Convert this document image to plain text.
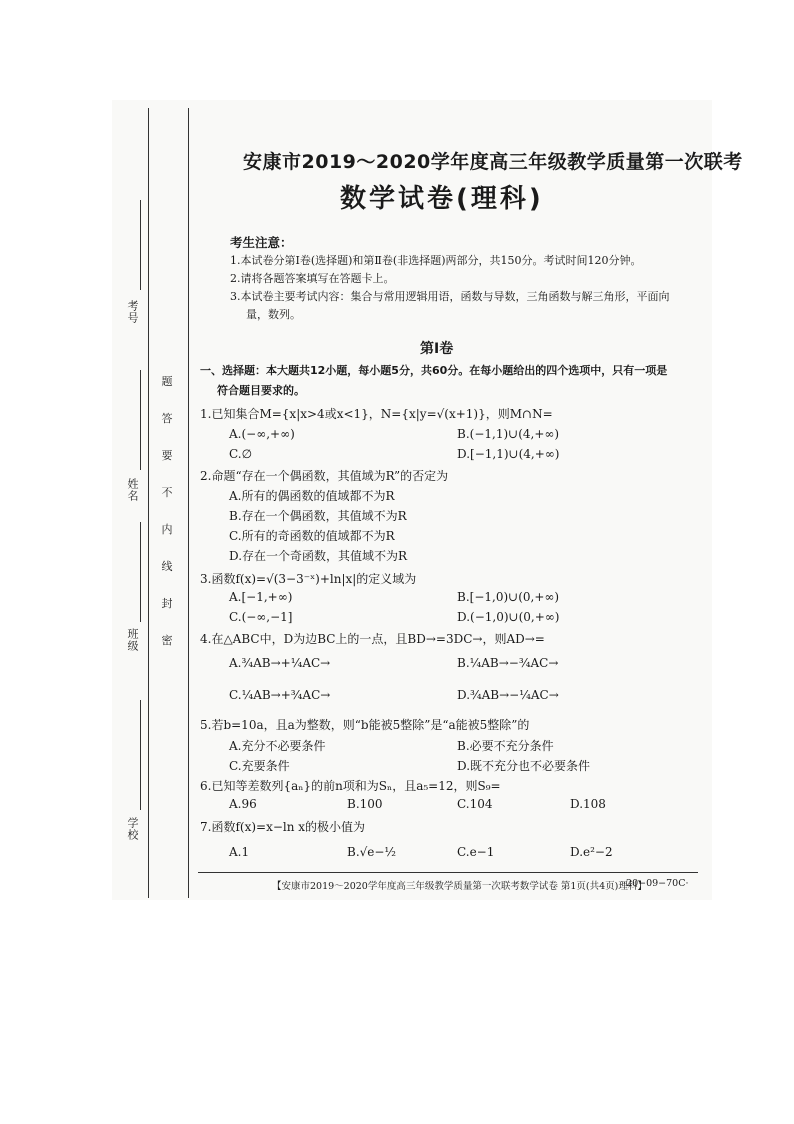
考号
姓名
班级
学校
密
封
线
内
不
要
答
题
安康市2019～2020学年度高三年级教学质量第一次联考
数学试卷(理科)
考生注意：
1.本试卷分第Ⅰ卷(选择题)和第Ⅱ卷(非选择题)两部分，共150分。考试时间120分钟。
2.请将各题答案填写在答题卡上。
3.本试卷主要考试内容：集合与常用逻辑用语，函数与导数，三角函数与解三角形，平面向
量，数列。
第Ⅰ卷
一、选择题：本大题共12小题，每小题5分，共60分。在每小题给出的四个选项中，只有一项是
符合题目要求的。
1.已知集合M={x|x>4或x<1}，N={x|y=√(x+1)}，则M∩N=
A.(−∞,+∞)	B.(−1,1)∪(4,+∞)
C.∅	D.[−1,1)∪(4,+∞)
2.命题“存在一个偶函数，其值域为R”的否定为
A.所有的偶函数的值域都不为R
B.存在一个偶函数，其值域不为R
C.所有的奇函数的值域都不为R
D.存在一个奇函数，其值域不为R
3.函数f(x)=√(3−3⁻ˣ)+ln|x|的定义域为
A.[−1,+∞)	B.[−1,0)∪(0,+∞)
C.(−∞,−1]	D.(−1,0)∪(0,+∞)
4.在△ABC中，D为边BC上的一点，且BD→=3DC→，则AD→=
A.¾AB→+¼AC→	B.¼AB→−¾AC→
C.¼AB→+¾AC→	D.¾AB→−¼AC→
5.若b=10a，且a为整数，则“b能被5整除”是“a能被5整除”的
A.充分不必要条件	B.必要不充分条件
C.充要条件	D.既不充分也不必要条件
6.已知等差数列{aₙ}的前n项和为Sₙ，且a₅=12，则S₉=
A.96	B.100	C.104	D.108
7.函数f(x)=x−ln x的极小值为
A.1	B.√e−½	C.e−1	D.e²−2
【安康市2019～2020学年度高三年级教学质量第一次联考数学试卷 第1页(共4页)理科】
·20−09−70C·
